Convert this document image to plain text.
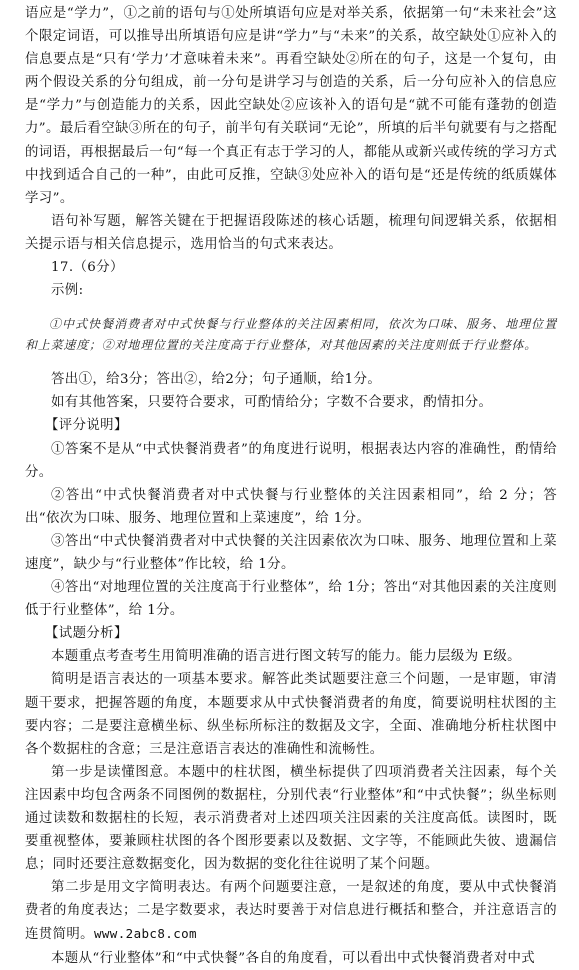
语应是“学力”，①之前的语句与①处所填语句应是对举关系，依据第一句“未来社会”这个限定词语，可以推导出所填语句应是讲“学力”与“未来”的关系，故空缺处①应补入的信息要点是“只有‘学力’才意味着未来”。再看空缺处②所在的句子，这是一个复句，由两个假设关系的分句组成，前一分句是讲学习与创造的关系，后一分句应补入的信息应是“学力”与创造能力的关系，因此空缺处②应该补入的语句是“就不可能有蓬勃的创造力”。最后看空缺③所在的句子，前半句有关联词“无论”，所填的后半句就要有与之搭配的词语，再根据最后一句“每一个真正有志于学习的人，都能从或新兴或传统的学习方式中找到适合自己的一种”，由此可反推，空缺③处应补入的语句是“还是传统的纸质媒体学习”。

语句补写题，解答关键在于把握语段陈述的核心话题，梳理句间逻辑关系，依据相关提示语与相关信息提示，选用恰当的句式来表达。

17.（6分）

示例:

①中式快餐消费者对中式快餐与行业整体的关注因素相同，依次为口味、服务、地理位置和上菜速度；②对地理位置的关注度高于行业整体，对其他因素的关注度则低于行业整体。

答出①，给3分；答出②，给2分；句子通顺，给1分。

如有其他答案，只要符合要求，可酌情给分；字数不合要求，酌情扣分。

【评分说明】

①答案不是从“中式快餐消费者”的角度进行说明，根据表达内容的准确性，酌情给分。

②答出“中式快餐消费者对中式快餐与行业整体的关注因素相同”，给 2 分；答出“依次为口味、服务、地理位置和上菜速度”，给 1分。

③答出“中式快餐消费者对中式快餐的关注因素依次为口味、服务、地理位置和上菜速度”，缺少与“行业整体”作比较，给 1分。

④答出“对地理位置的关注度高于行业整体”，给 1分；答出“对其他因素的关注度则低于行业整体”，给 1分。

【试题分析】

本题重点考查考生用简明准确的语言进行图文转写的能力。能力层级为 E级。

简明是语言表达的一项基本要求。解答此类试题要注意三个问题，一是审题，审清题干要求，把握答题的角度，本题要求从中式快餐消费者的角度，简要说明柱状图的主要内容；二是要注意横坐标、纵坐标所标注的数据及文字，全面、准确地分析柱状图中各个数据柱的含意；三是注意语言表达的准确性和流畅性。

第一步是读懂图意。本题中的柱状图，横坐标提供了四项消费者关注因素，每个关注因素中均包含两条不同图例的数据柱，分别代表“行业整体”和“中式快餐”；纵坐标则通过读数和数据柱的长短，表示消费者对上述四项关注因素的关注度高低。读图时，既要重视整体，要兼顾柱状图的各个图形要素以及数据、文字等，不能顾此失彼、遗漏信息；同时还要注意数据变化，因为数据的变化往往说明了某个问题。

第二步是用文字简明表达。有两个问题要注意，一是叙述的角度，要从中式快餐消费者的角度表达；二是字数要求，表达时要善于对信息进行概括和整合，并注意语言的连贯简明。www.2abc8.com

本题从“行业整体”和“中式快餐”各自的角度看，可以看出中式快餐消费者对中式
